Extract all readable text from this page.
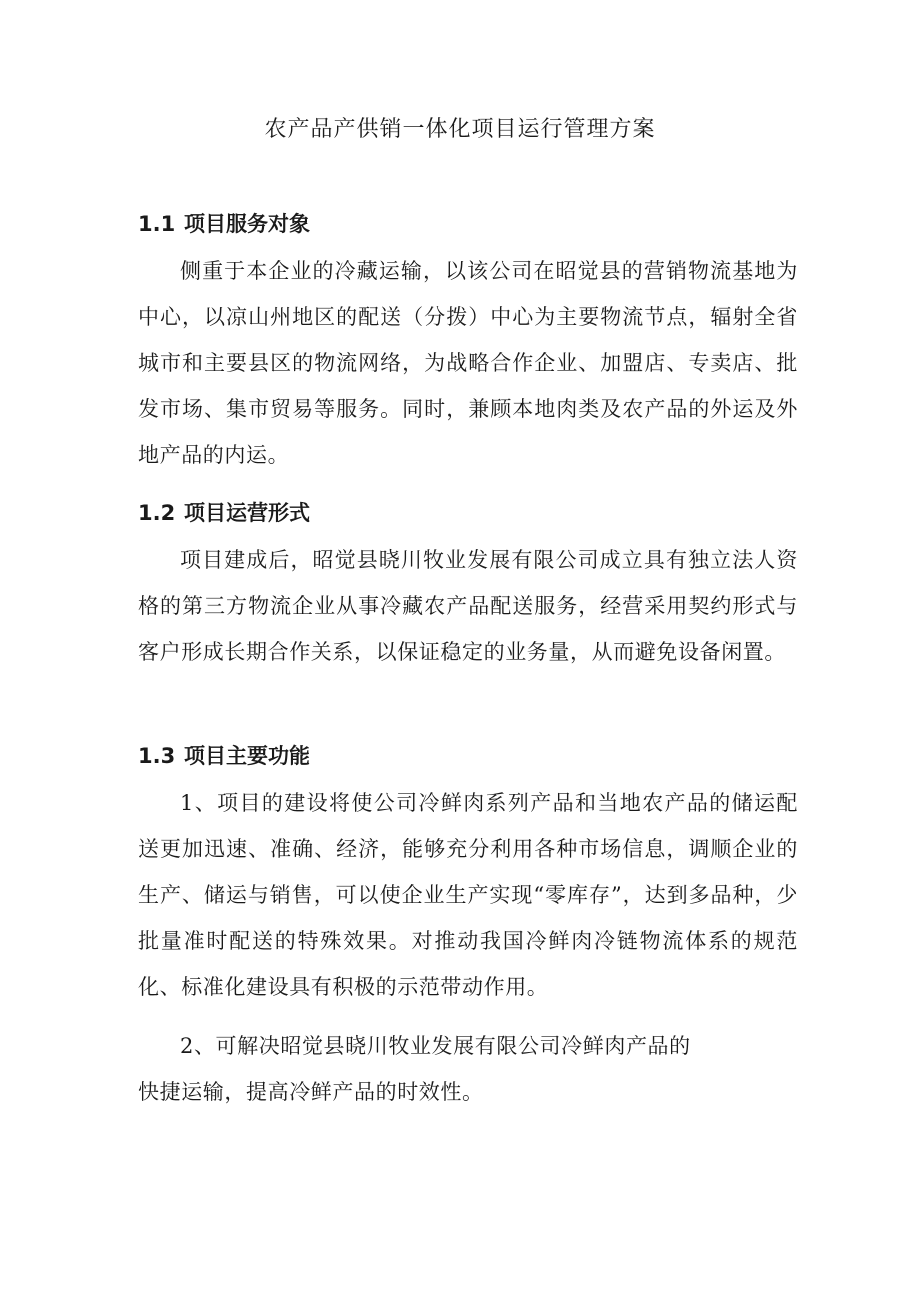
农产品产供销一体化项目运行管理方案
1.1 项目服务对象
侧重于本企业的冷藏运输，以该公司在昭觉县的营销物流基地为中心，以凉山州地区的配送（分拨）中心为主要物流节点，辐射全省城市和主要县区的物流网络，为战略合作企业、加盟店、专卖店、批发市场、集市贸易等服务。同时，兼顾本地肉类及农产品的外运及外地产品的内运。
1.2 项目运营形式
项目建成后，昭觉县晓川牧业发展有限公司成立具有独立法人资格的第三方物流企业从事冷藏农产品配送服务，经营采用契约形式与客户形成长期合作关系，以保证稳定的业务量，从而避免设备闲置。
1.3 项目主要功能
1、项目的建设将使公司冷鲜肉系列产品和当地农产品的储运配送更加迅速、准确、经济，能够充分利用各种市场信息，调顺企业的生产、储运与销售，可以使企业生产实现“零库存”，达到多品种，少批量准时配送的特殊效果。对推动我国冷鲜肉冷链物流体系的规范化、标准化建设具有积极的示范带动作用。
2、可解决昭觉县晓川牧业发展有限公司冷鲜肉产品的
快捷运输，提高冷鲜产品的时效性。
